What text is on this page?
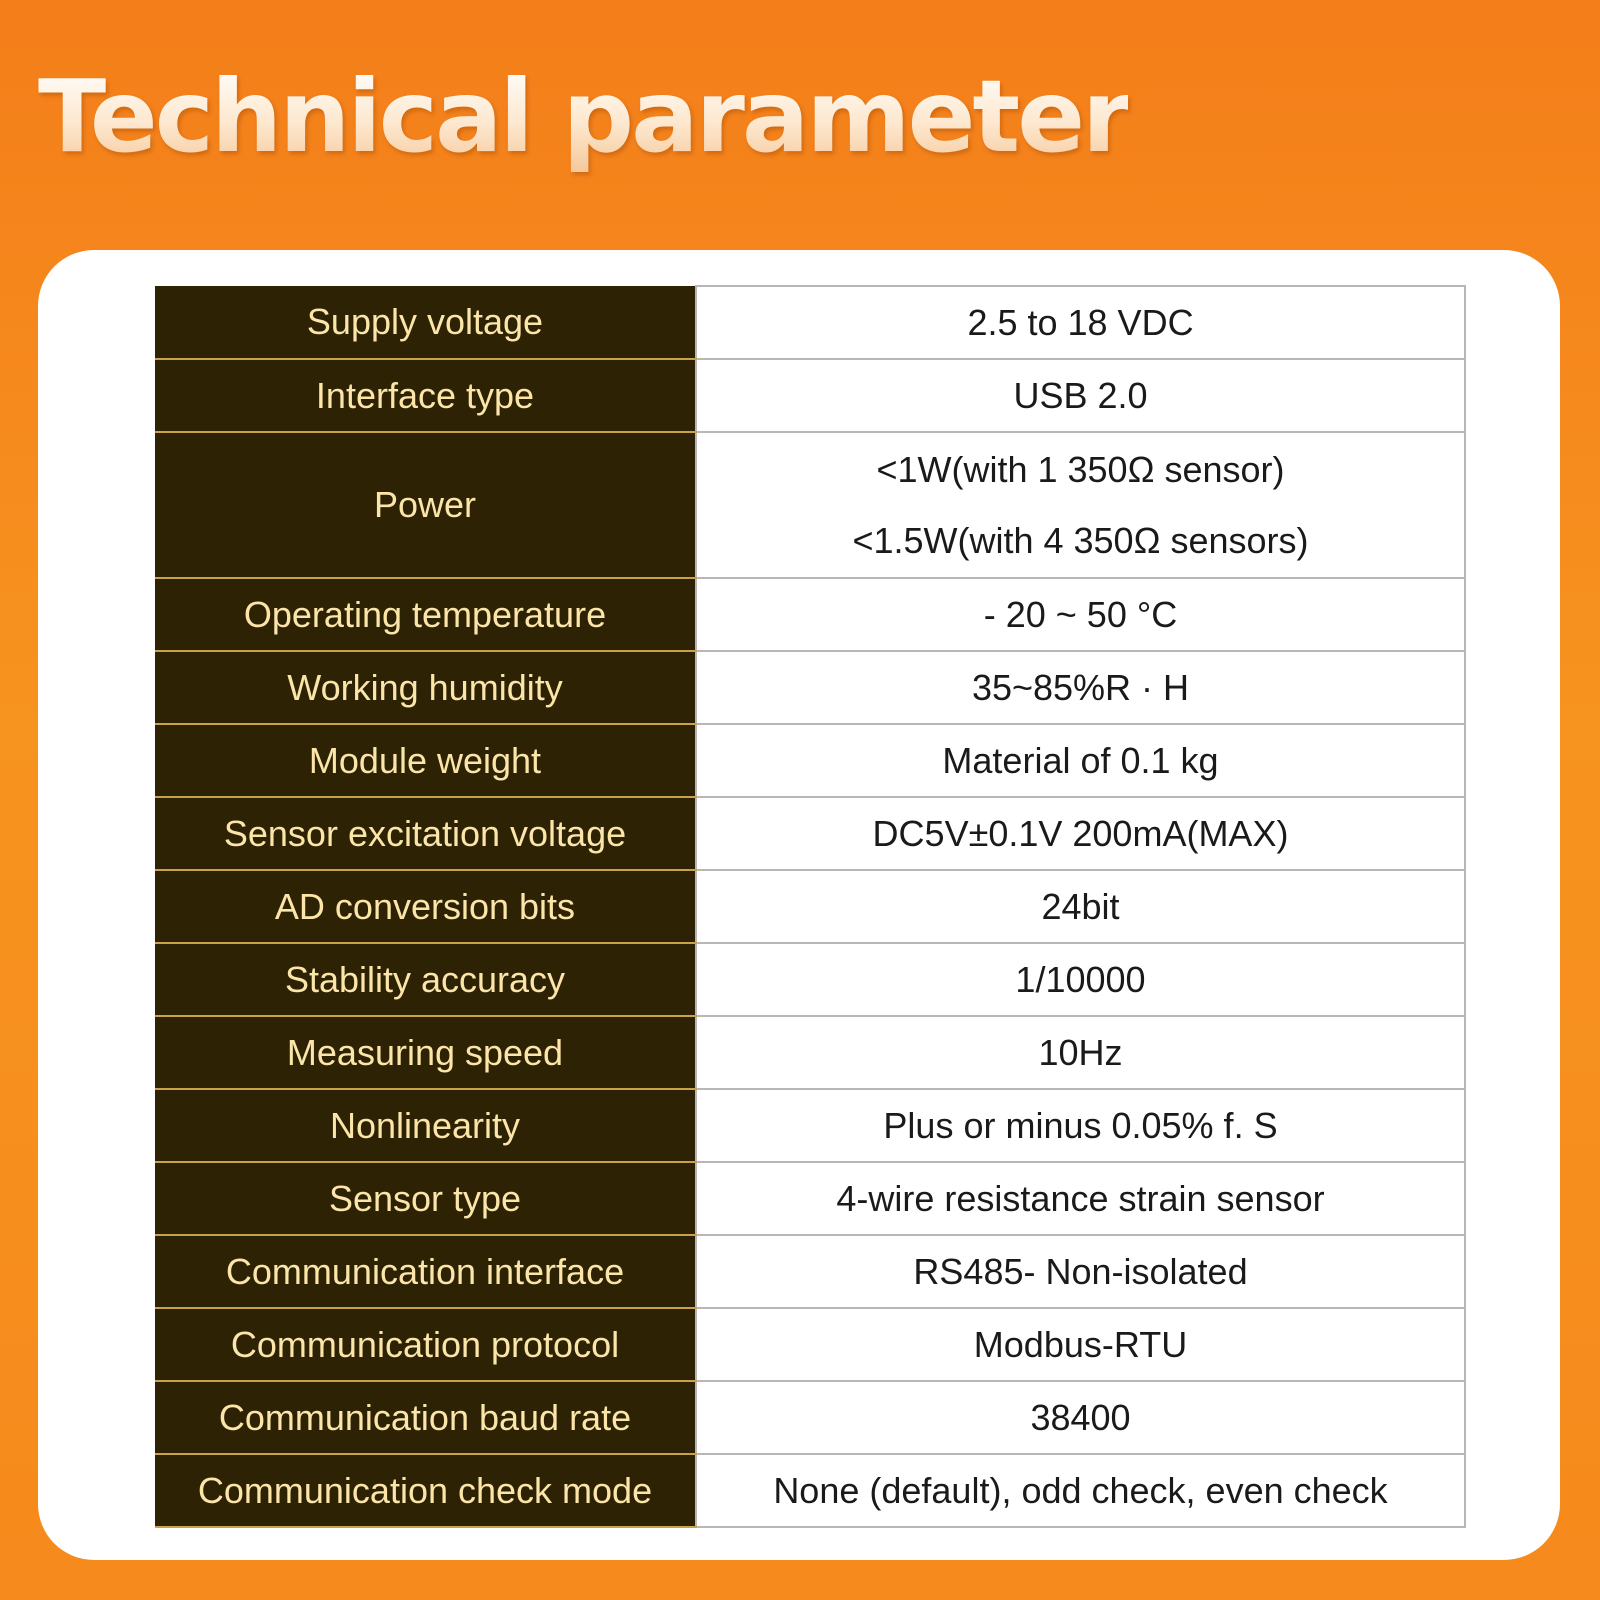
Technical parameter
Supply voltage	2.5 to 18 VDC
Interface type	USB 2.0
Power	<1W(with 1 350Ω sensor)
<1.5W(with 4 350Ω sensors)

Operating temperature	- 20 ~ 50 °C
Working humidity	35~85%R · H
Module weight	Material of 0.1 kg
Sensor excitation voltage	DC5V±0.1V 200mA(MAX)
AD conversion bits	24bit
Stability accuracy	1/10000
Measuring speed	10Hz
Nonlinearity	Plus or minus 0.05% f. S
Sensor type	4-wire resistance strain sensor
Communication interface	RS485- Non-isolated
Communication protocol	Modbus-RTU
Communication baud rate	38400
Communication check mode	None (default), odd check, even check
